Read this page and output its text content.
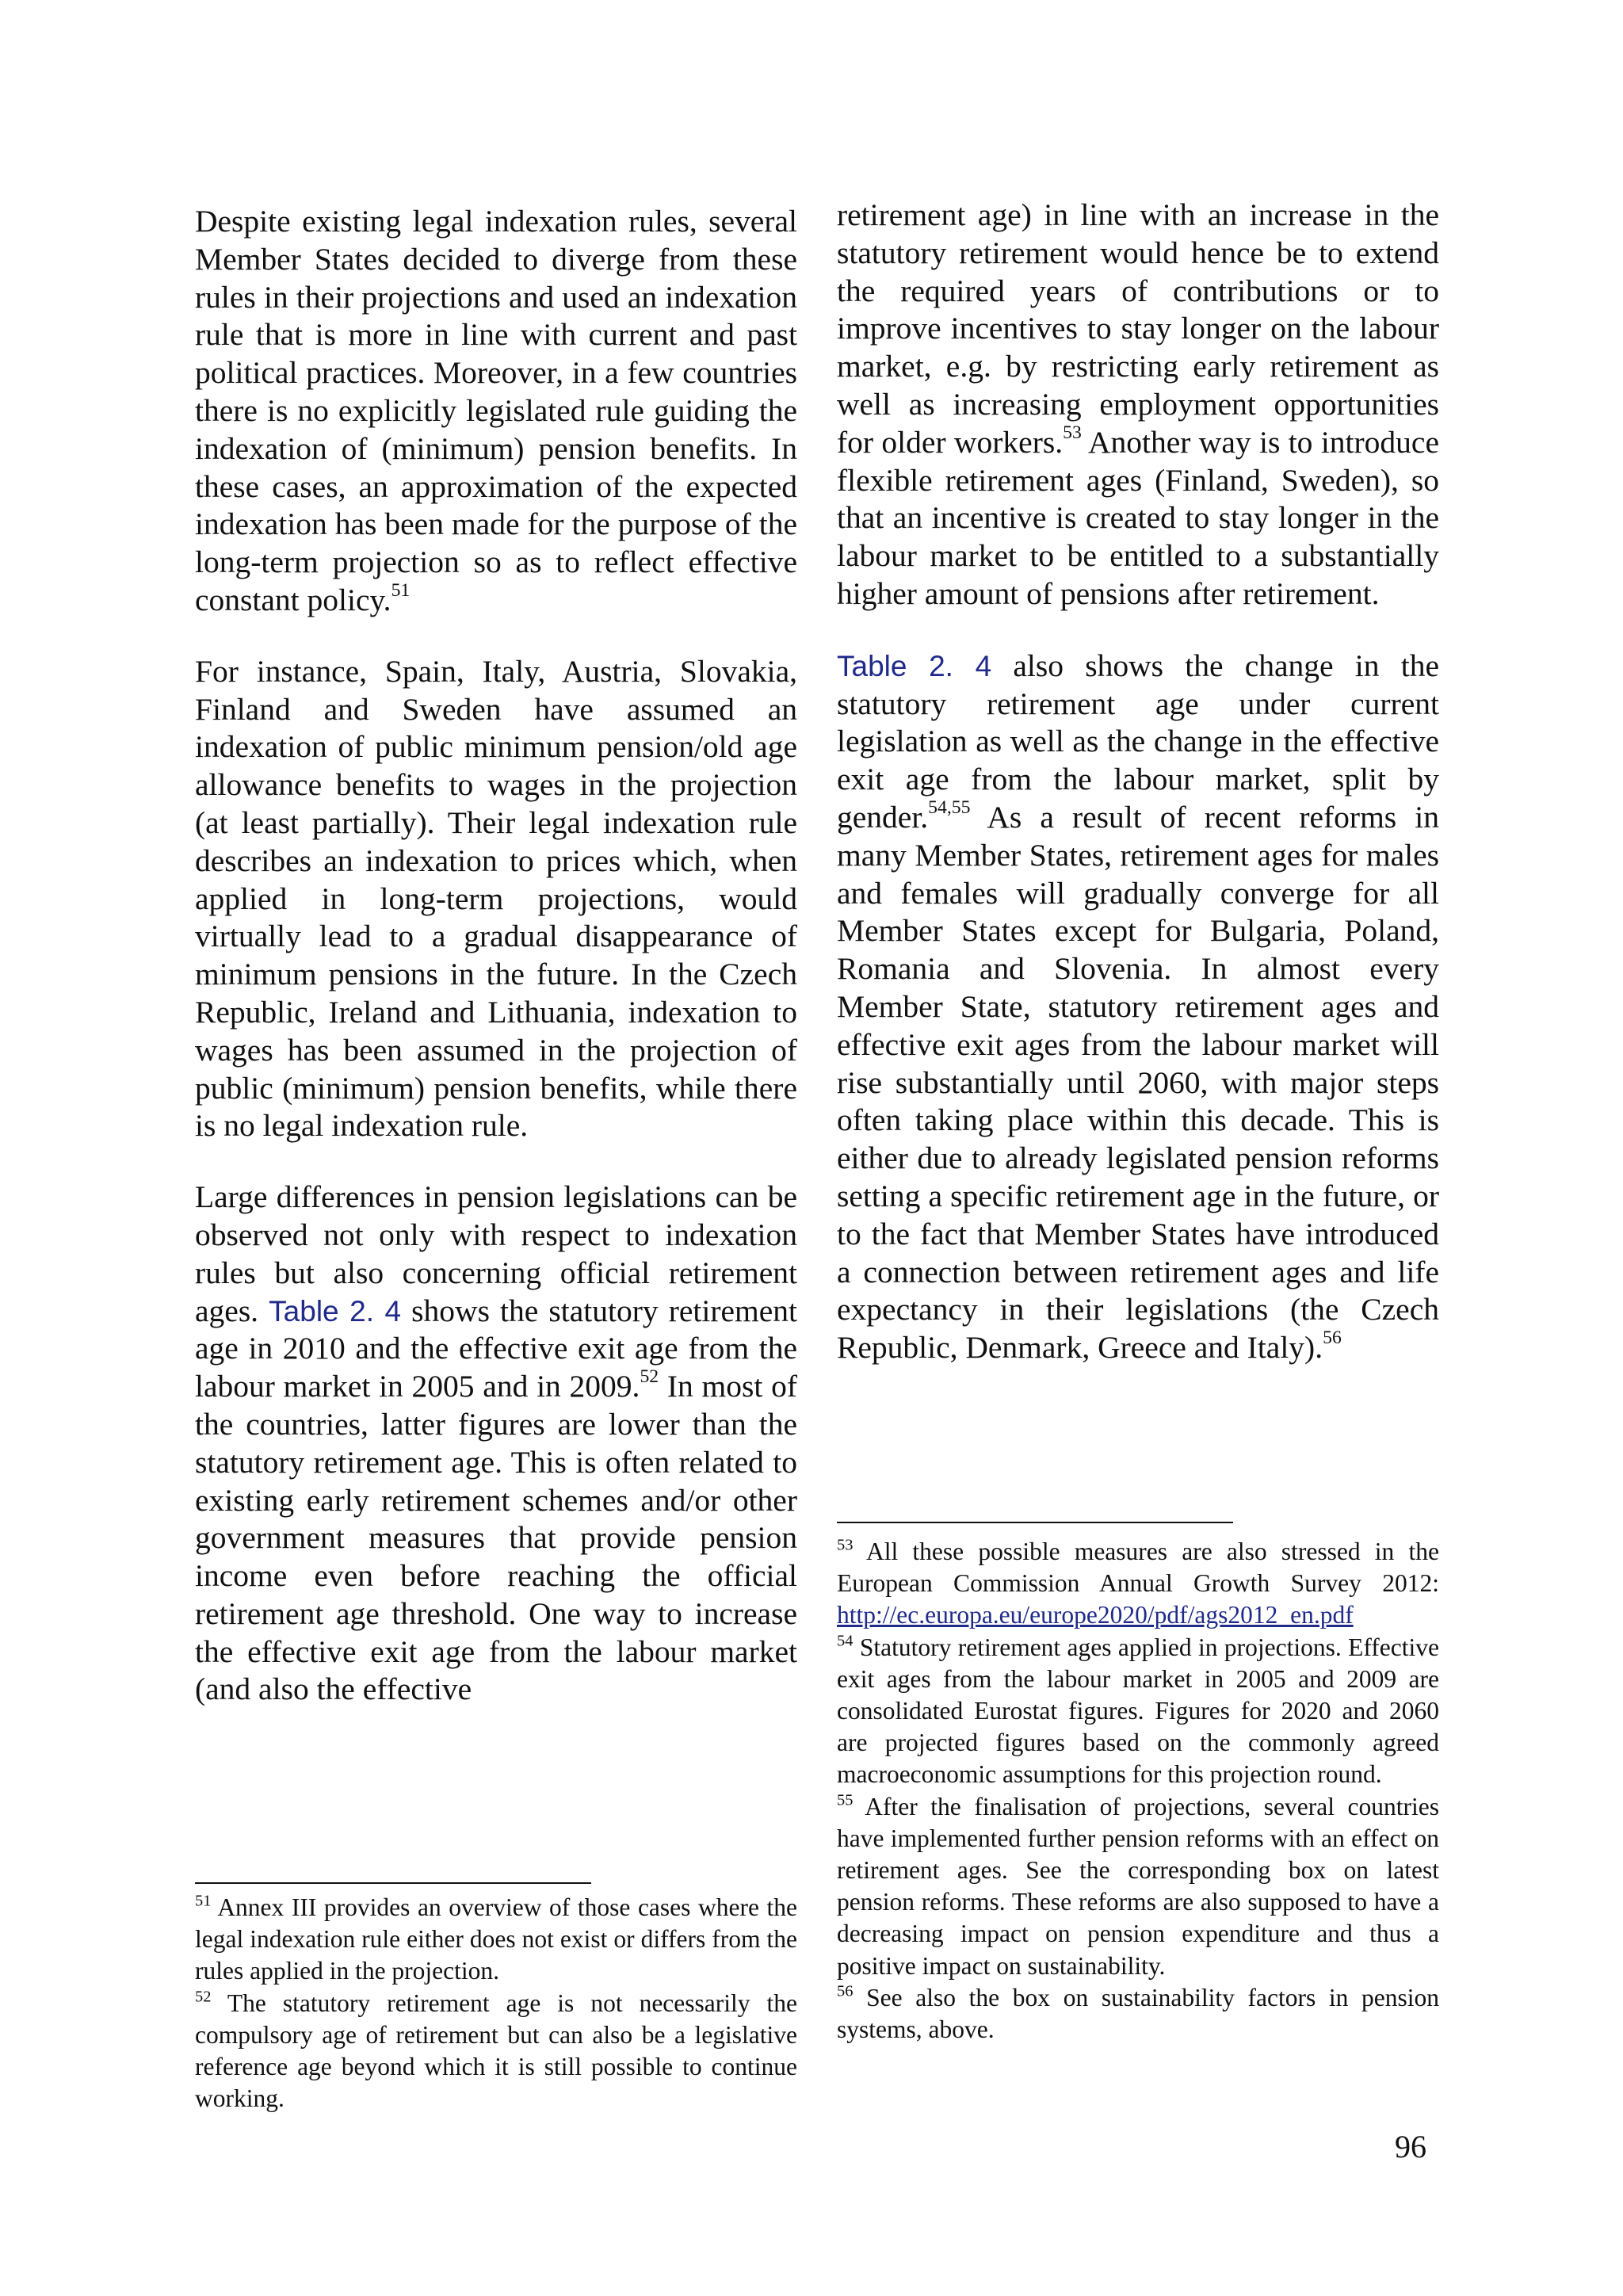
Despite existing legal indexation rules, several Member States decided to diverge from these rules in their projections and used an indexation rule that is more in line with current and past political practices. Moreover, in a few countries there is no explicitly legislated rule guiding the indexation of (minimum) pension benefits. In these cases, an approximation of the expected indexation has been made for the purpose of the long-term projection so as to reflect effective constant policy.$^{51}$

For instance, Spain, Italy, Austria, Slovakia, Finland and Sweden have assumed an indexation of public minimum pension/old age allowance benefits to wages in the projection (at least partially). Their legal indexation rule describes an indexation to prices which, when applied in long-term projections, would virtually lead to a gradual disappearance of minimum pensions in the future. In the Czech Republic, Ireland and Lithuania, indexation to wages has been assumed in the projection of public (minimum) pension benefits, while there is no legal indexation rule.

Large differences in pension legislations can be observed not only with respect to indexation rules but also concerning official retirement ages. Table 2. 4 shows the statutory retirement age in 2010 and the effective exit age from the labour market in 2005 and in 2009.52 In most of the countries, latter figures are lower than the statutory retirement age. This is often related to existing early retirement schemes and/or other government measures that provide pension income even before reaching the official retirement age threshold. One way to increase the effective exit age from the labour market (and also the effective

retirement age) in line with an increase in the statutory retirement would hence be to extend the required years of contributions or to improve incentives to stay longer on the labour market, e.g. by restricting early retirement as well as increasing employment opportunities for older workers.$^{53}$ Another way is to introduce flexible retirement ages (Finland, Sweden), so that an incentive is created to stay longer in the labour market to be entitled to a substantially higher amount of pensions after retirement.

Table 2. 4 also shows the change in the statutory retirement age under current legislation as well as the change in the effective exit age from the labour market, split by gender.$^{54,55}$ As a result of recent reforms in many Member States, retirement ages for males and females will gradually converge for all Member States except for Bulgaria, Poland, Romania and Slovenia. In almost every Member State, statutory retirement ages and effective exit ages from the labour market will rise substantially until 2060, with major steps often taking place within this decade. This is either due to already legislated pension reforms setting a specific retirement age in the future, or to the fact that Member States have introduced a connection between retirement ages and life expectancy in their legislations (the Czech Republic, Denmark, Greece and Italy).$^{56}$

$^{51}$ Annex III provides an overview of those cases where the legal indexation rule either does not exist or differs from the rules applied in the projection.

$^{52}$ The statutory retirement age is not necessarily the compulsory age of retirement but can also be a legislative reference age beyond which it is still possible to continue working.

$^{53}$ All these possible measures are also stressed in the European Commission Annual Growth Survey 2012: http://ec.europa.eu/europe2020/pdf/ags2012_en.pdf

$^{54}$ Statutory retirement ages applied in projections. Effective exit ages from the labour market in 2005 and 2009 are consolidated Eurostat figures. Figures for 2020 and 2060 are projected figures based on the commonly agreed macroeconomic assumptions for this projection round.

$^{55}$ After the finalisation of projections, several countries have implemented further pension reforms with an effect on retirement ages. See the corresponding box on latest pension reforms. These reforms are also supposed to have a decreasing impact on pension expenditure and thus a positive impact on sustainability.

$^{56}$ See also the box on sustainability factors in pension systems, above.

96
